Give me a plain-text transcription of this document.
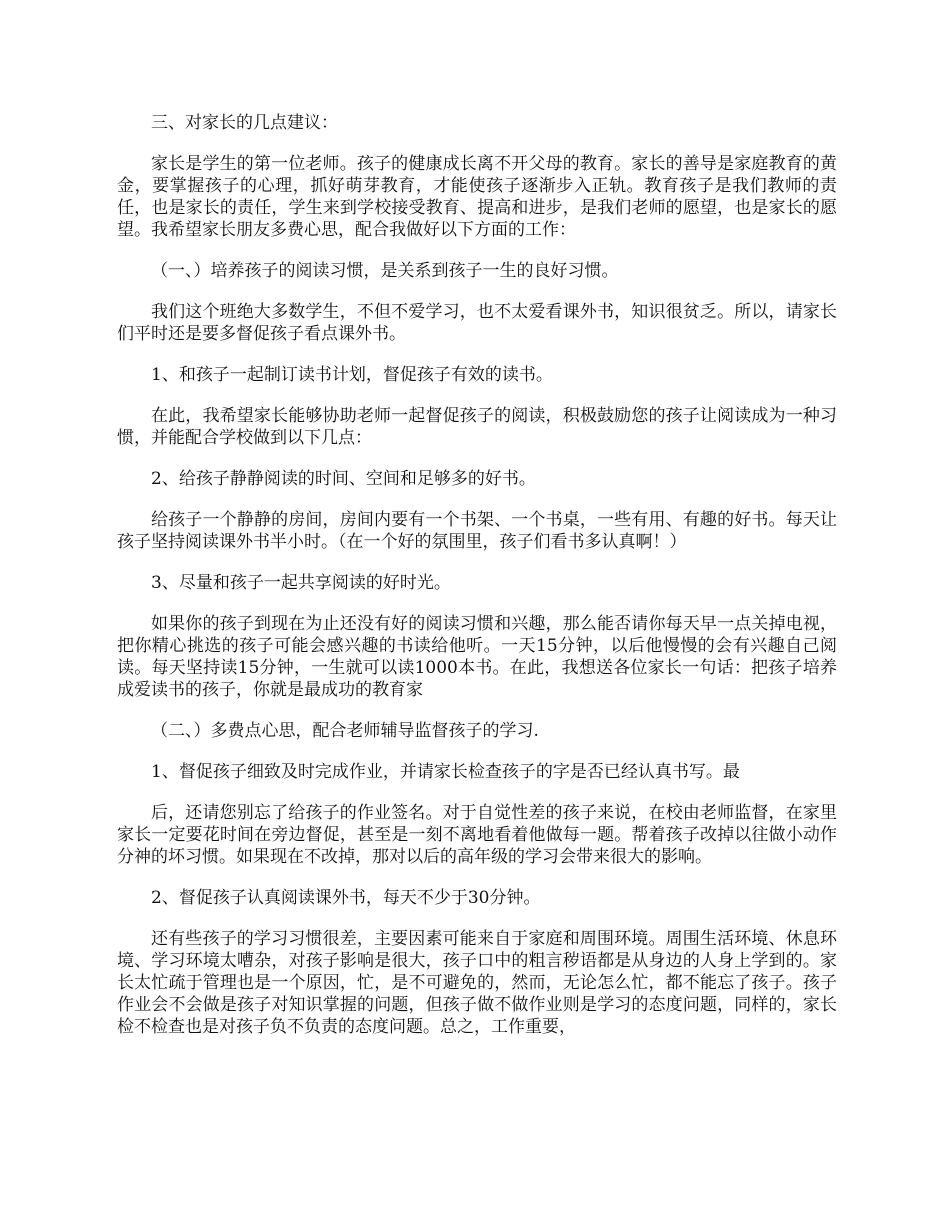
三、对家长的几点建议：

家长是学生的第一位老师。孩子的健康成长离不开父母的教育。家长的善导是家庭教育的黄金，要掌握孩子的心理，抓好萌芽教育，才能使孩子逐渐步入正轨。教育孩子是我们教师的责任，也是家长的责任，学生来到学校接受教育、提高和进步，是我们老师的愿望，也是家长的愿望。我希望家长朋友多费心思，配合我做好以下方面的工作：

（一、）培养孩子的阅读习惯，是关系到孩子一生的良好习惯。

我们这个班绝大多数学生，不但不爱学习，也不太爱看课外书，知识很贫乏。所以，请家长们平时还是要多督促孩子看点课外书。

1、和孩子一起制订读书计划，督促孩子有效的读书。

在此，我希望家长能够协助老师一起督促孩子的阅读，积极鼓励您的孩子让阅读成为一种习惯，并能配合学校做到以下几点：

2、给孩子静静阅读的时间、空间和足够多的好书。

给孩子一个静静的房间，房间内要有一个书架、一个书桌，一些有用、有趣的好书。每天让孩子坚持阅读课外书半小时。（在一个好的氛围里，孩子们看书多认真啊！）

3、尽量和孩子一起共享阅读的好时光。

如果你的孩子到现在为止还没有好的阅读习惯和兴趣，那么能否请你每天早一点关掉电视，把你精心挑选的孩子可能会感兴趣的书读给他听。一天15分钟，以后他慢慢的会有兴趣自己阅读。每天坚持读15分钟，一生就可以读1000本书。在此，我想送各位家长一句话：把孩子培养成爱读书的孩子，你就是最成功的教育家

（二、）多费点心思，配合老师辅导监督孩子的学习.

1、督促孩子细致及时完成作业，并请家长检查孩子的字是否已经认真书写。最

后，还请您别忘了给孩子的作业签名。对于自觉性差的孩子来说，在校由老师监督，在家里家长一定要花时间在旁边督促，甚至是一刻不离地看着他做每一题。帮着孩子改掉以往做小动作分神的坏习惯。如果现在不改掉，那对以后的高年级的学习会带来很大的影响。

2、督促孩子认真阅读课外书，每天不少于30分钟。

还有些孩子的学习习惯很差，主要因素可能来自于家庭和周围环境。周围生活环境、休息环境、学习环境太嘈杂，对孩子影响是很大，孩子口中的粗言秽语都是从身边的人身上学到的。家长太忙疏于管理也是一个原因，忙，是不可避免的，然而，无论怎么忙，都不能忘了孩子。孩子作业会不会做是孩子对知识掌握的问题，但孩子做不做作业则是学习的态度问题，同样的，家长检不检查也是对孩子负不负责的态度问题。总之，工作重要，
